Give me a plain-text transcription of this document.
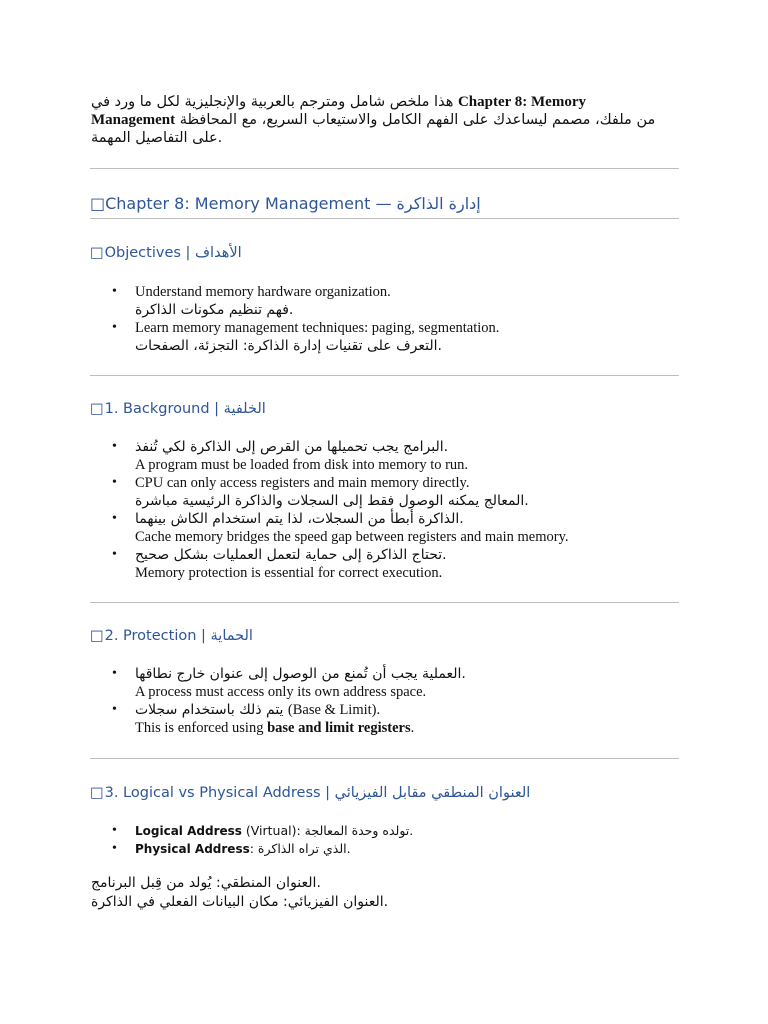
هذا ملخص شامل ومترجم بالعربية والإنجليزية لكل ما ورد في Chapter 8: Memory
Management من ملفك، مصمم ليساعدك على الفهم الكامل والاستيعاب السريع، مع المحافظة
على التفاصيل المهمة.
□ Chapter 8: Memory Management — إدارة الذاكرة
□ Objectives | الأهداف
• Understand memory hardware organization.
فهم تنظيم مكونات الذاكرة.
• Learn memory management techniques: paging, segmentation.
التعرف على تقنيات إدارة الذاكرة: التجزئة، الصفحات.
□ 1. Background | الخلفية
• البرامج يجب تحميلها من القرص إلى الذاكرة لكي تُنفذ.
A program must be loaded from disk into memory to run.
• CPU can only access registers and main memory directly.
المعالج يمكنه الوصول فقط إلى السجلات والذاكرة الرئيسية مباشرة.
• الذاكرة أبطأ من السجلات، لذا يتم استخدام الكاش بينهما.
Cache memory bridges the speed gap between registers and main memory.
• تحتاج الذاكرة إلى حماية لتعمل العمليات بشكل صحيح.
Memory protection is essential for correct execution.
□ 2. Protection | الحماية
• العملية يجب أن تُمنع من الوصول إلى عنوان خارج نطاقها.
A process must access only its own address space.
• يتم ذلك باستخدام سجلات (Base & Limit).
This is enforced using base and limit registers.
□ 3. Logical vs Physical Address | العنوان المنطقي مقابل الفيزيائي
• Logical Address (Virtual): تولده وحدة المعالجة.
• Physical Address: الذي تراه الذاكرة.
العنوان المنطقي: يُولد من قِبل البرنامج.
العنوان الفيزيائي: مكان البيانات الفعلي في الذاكرة.
